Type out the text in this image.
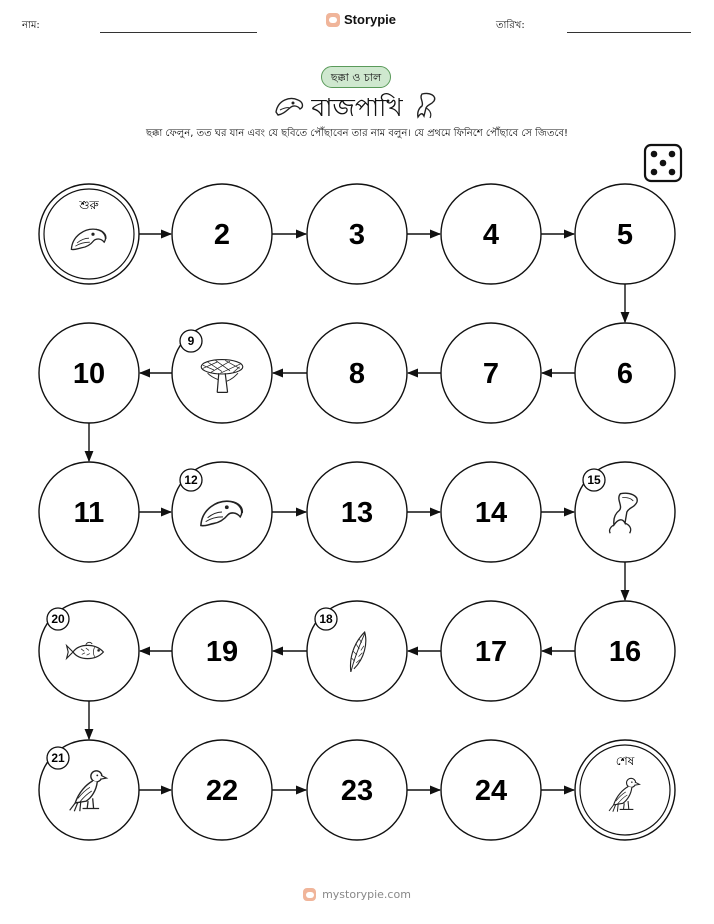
নাম:	Storypie	তারিখ:
ছক্কা ও চাল
বাজপাখি
ছক্কা ফেলুন, তত ঘর যান এবং যে ছবিতে পৌঁছাবেন তার নাম বলুন। যে প্রথমে ফিনিশে পৌঁছাবে সে জিতবে!
শুরু
2	3	4	5
6
7
8
9
10
11
12
13	14
15
16
17
18
19
20
21
22	23	24
শেষ
mystorypie.com
